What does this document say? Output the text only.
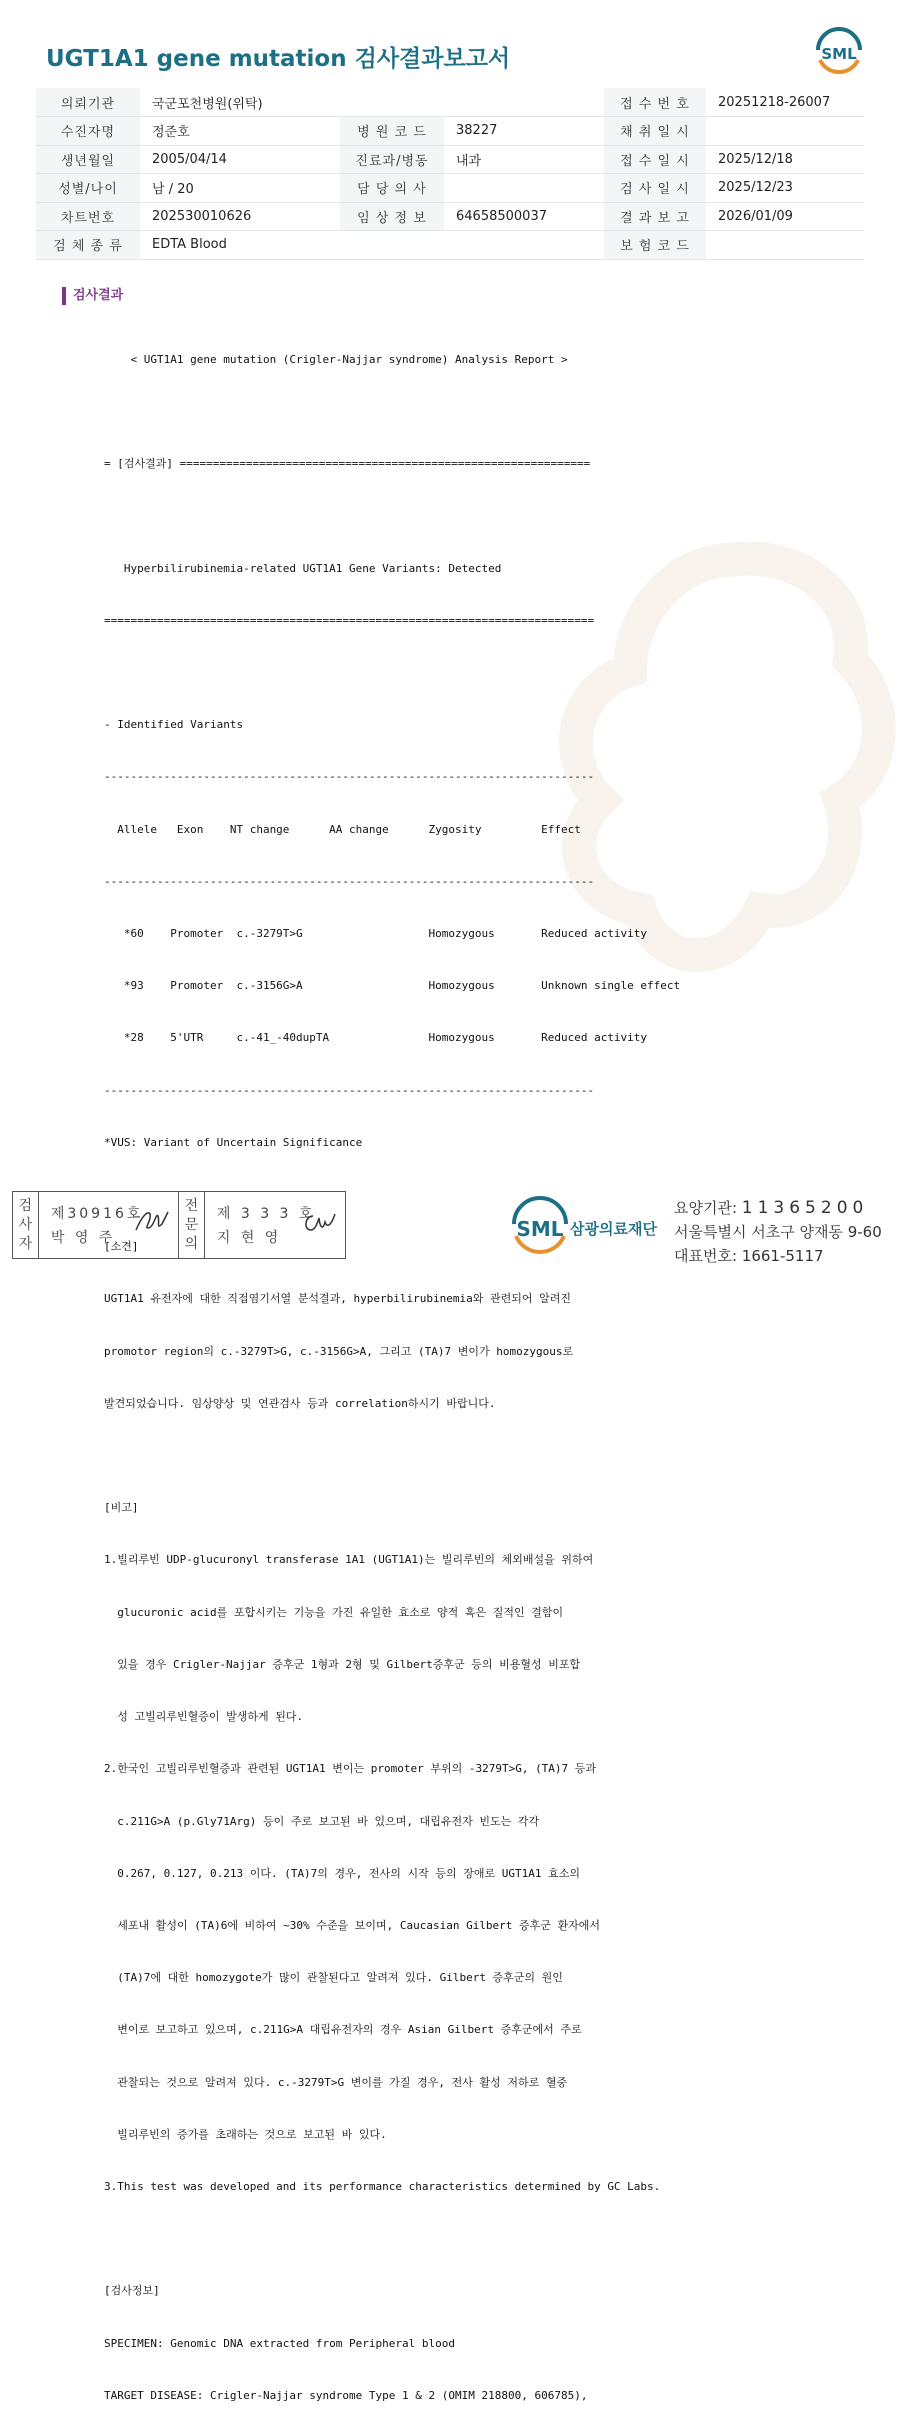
UGT1A1 gene mutation 검사결과보고서	SML
의뢰기관	국군포천병원(위탁)			접 수 번 호	20251218-26007
수진자명	정준호	병 원 코 드	38227	채 취 일 시	
생년월일	2005/04/14	진료과/병동	내과	접 수 일 시	2025/12/18
성별/나이	남 / 20	담 당 의 사		검 사 일 시	2025/12/23
차트번호	202530010626	임 상 정 보	64658500037	결 과 보 고	2026/01/09
검 체 종 류	EDTA Blood			보 험 코 드	
검사결과

< UGT1A1 gene mutation (Crigler-Najjar syndrome) Analysis Report >

= [검사결과] ==============================================================

Hyperbilirubinemia-related UGT1A1 Gene Variants: Detected

==========================================================================

- Identified Variants

--------------------------------------------------------------------------

Allele   Exon    NT change      AA change      Zygosity         Effect

--------------------------------------------------------------------------

*60    Promoter  c.-3279T>G                   Homozygous       Reduced activity

*93    Promoter  c.-3156G>A                   Homozygous       Unknown single effect

*28    5'UTR     c.-41_-40dupTA               Homozygous       Reduced activity

--------------------------------------------------------------------------

*VUS: Variant of Uncertain Significance

[소견]

UGT1A1 유전자에 대한 직접염기서열 분석결과, hyperbilirubinemia와 관련되어 알려진

promotor region의 c.-3279T>G, c.-3156G>A, 그리고 (TA)7 변이가 homozygous로

발견되었습니다. 임상양상 및 연관검사 등과 correlation하시기 바랍니다.

[비고]

1.빌리루빈 UDP-glucuronyl transferase 1A1 (UGT1A1)는 빌리루빈의 체외배설을 위하여

glucuronic acid를 포합시키는 기능을 가진 유일한 효소로 양적 혹은 질적인 결함이

있을 경우 Crigler-Najjar 증후군 1형과 2형 및 Gilbert증후군 등의 비용혈성 비포합

성 고빌리루빈혈증이 발생하게 된다.

2.한국인 고빌리루빈혈증과 관련된 UGT1A1 변이는 promoter 부위의 -3279T>G, (TA)7 등과

c.211G>A (p.Gly71Arg) 등이 주로 보고된 바 있으며, 대립유전자 빈도는 각각

0.267, 0.127, 0.213 이다. (TA)7의 경우, 전사의 시작 등의 장애로 UGT1A1 효소의

세포내 활성이 (TA)6에 비하여 ~30% 수준을 보이며, Caucasian Gilbert 증후군 환자에서

(TA)7에 대한 homozygote가 많이 관찰된다고 알려져 있다. Gilbert 증후군의 원인

변이로 보고하고 있으며, c.211G>A 대립유전자의 경우 Asian Gilbert 증후군에서 주로

관찰되는 것으로 알려져 있다. c.-3279T>G 변이를 가질 경우, 전사 활성 저하로 혈중

빌리루빈의 증가를 초래하는 것으로 보고된 바 있다.

3.This test was developed and its performance characteristics determined by GC Labs.

[검사정보]

SPECIMEN: Genomic DNA extracted from Peripheral blood

TARGET DISEASE: Crigler-Najjar syndrome Type 1 & 2 (OMIM 218800, 606785),

검
사
자
제30916호
박 영 주
전
문
의
제 3 3 3 호
지 현 영	SML 삼광의료재단
요양기관: 11365200
서울특별시 서초구 양재동 9-60
대표번호: 1661-5117
